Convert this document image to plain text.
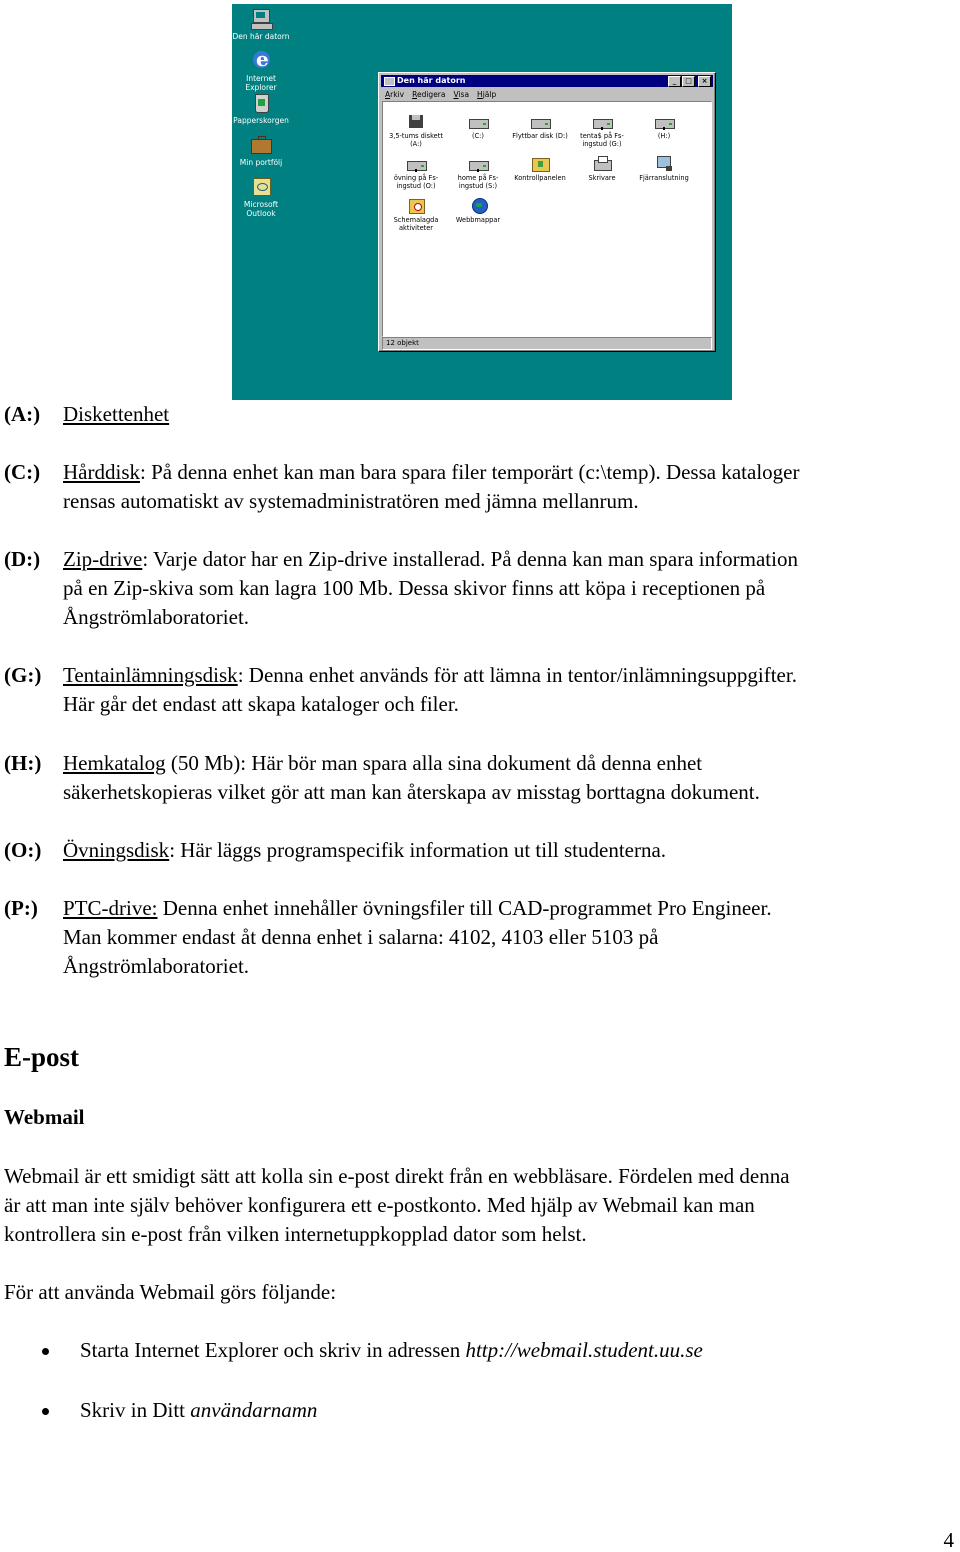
Den här datorn
e
Internet Explorer
Papperskorgen
Min portfölj
Microsoft Outlook
Den här datorn	_	□	×
Arkiv Redigera Visa Hjälp
3,5-tums diskett (A:)
(C:)	Flyttbar disk (D:)	tenta$ på Fs-ingstud (G:)
(H:)
övning på Fs-ingstud (O:)
home på Fs-ingstud (S:)
Kontrollpanelen	Skrivare	Fjärranslutning
Schemalagda aktiviteter
Webbmappar
12 objekt
(A:) Diskettenhet
(C:) Hårddisk: På denna enhet kan man bara spara filer temporärt (c:\temp). Dessa kataloger
rensas automatiskt av systemadministratören med jämna mellanrum.
(D:) Zip-drive: Varje dator har en Zip-drive installerad. På denna kan man spara information
på en Zip-skiva som kan lagra 100 Mb. Dessa skivor finns att köpa i receptionen på
Ångströmlaboratoriet.
(G:) Tentainlämningsdisk: Denna enhet används för att lämna in tentor/inlämningsuppgifter.
Här går det endast att skapa kataloger och filer.
(H:) Hemkatalog (50 Mb): Här bör man spara alla sina dokument då denna enhet
säkerhetskopieras vilket gör att man kan återskapa av misstag borttagna dokument.
(O:) Övningsdisk: Här läggs programspecifik information ut till studenterna.
(P:) PTC-drive: Denna enhet innehåller övningsfiler till CAD-programmet Pro Engineer.
Man kommer endast åt denna enhet i salarna: 4102, 4103 eller 5103 på
Ångströmlaboratoriet.
E-post
Webmail
Webmail är ett smidigt sätt att kolla sin e-post direkt från en webbläsare. Fördelen med denna
är att man inte själv behöver konfigurera ett e-postkonto. Med hjälp av Webmail kan man
kontrollera sin e-post från vilken internetuppkopplad dator som helst.
För att använda Webmail görs följande:
Starta Internet Explorer och skriv in adressen http://webmail.student.uu.se
Skriv in Ditt användarnamn
4
